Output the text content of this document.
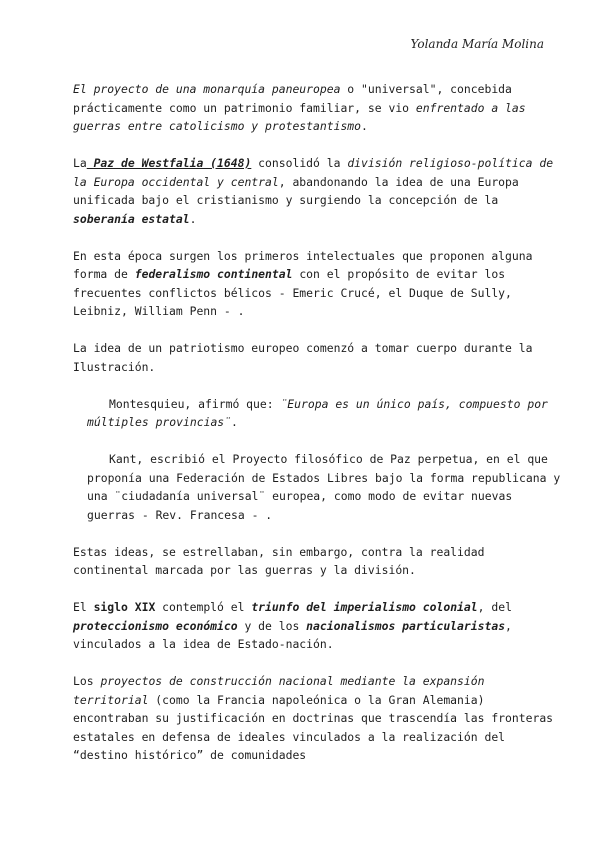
Yolanda María Molina

El proyecto de una monarquía paneuropea o "universal", concebida prácticamente como un patrimonio familiar, se vio enfrentado a las guerras entre catolicismo y protestantismo.

La Paz de Westfalia (1648) consolidó la división religioso-política de la Europa occidental y central, abandonando la idea de una Europa unificada bajo el cristianismo y surgiendo la concepción de la soberanía estatal.

En esta época surgen los primeros intelectuales que proponen alguna forma de federalismo continental con el propósito de evitar los frecuentes conflictos bélicos - Emeric Crucé, el Duque de Sully, Leibniz, William Penn - .

La idea de un patriotismo europeo comenzó a tomar cuerpo durante la Ilustración.

Montesquieu, afirmó que: ¨Europa es un único país, compuesto por múltiples provincias¨.

Kant, escribió el Proyecto filosófico de Paz perpetua, en el que proponía una Federación de Estados Libres bajo la forma republicana y una ¨ciudadanía universal¨ europea, como modo de evitar nuevas guerras - Rev. Francesa - .

Estas ideas, se estrellaban, sin embargo, contra la realidad continental marcada por las guerras y la división.

El siglo XIX contempló el triunfo del imperialismo colonial, del proteccionismo económico y de los nacionalismos particularistas, vinculados a la idea de Estado-nación.

Los proyectos de construcción nacional mediante la expansión territorial (como la Francia napoleónica o la Gran Alemania) encontraban su justificación en doctrinas que trascendía las fronteras estatales en defensa de ideales vinculados a la realización del “destino histórico” de comunidades
